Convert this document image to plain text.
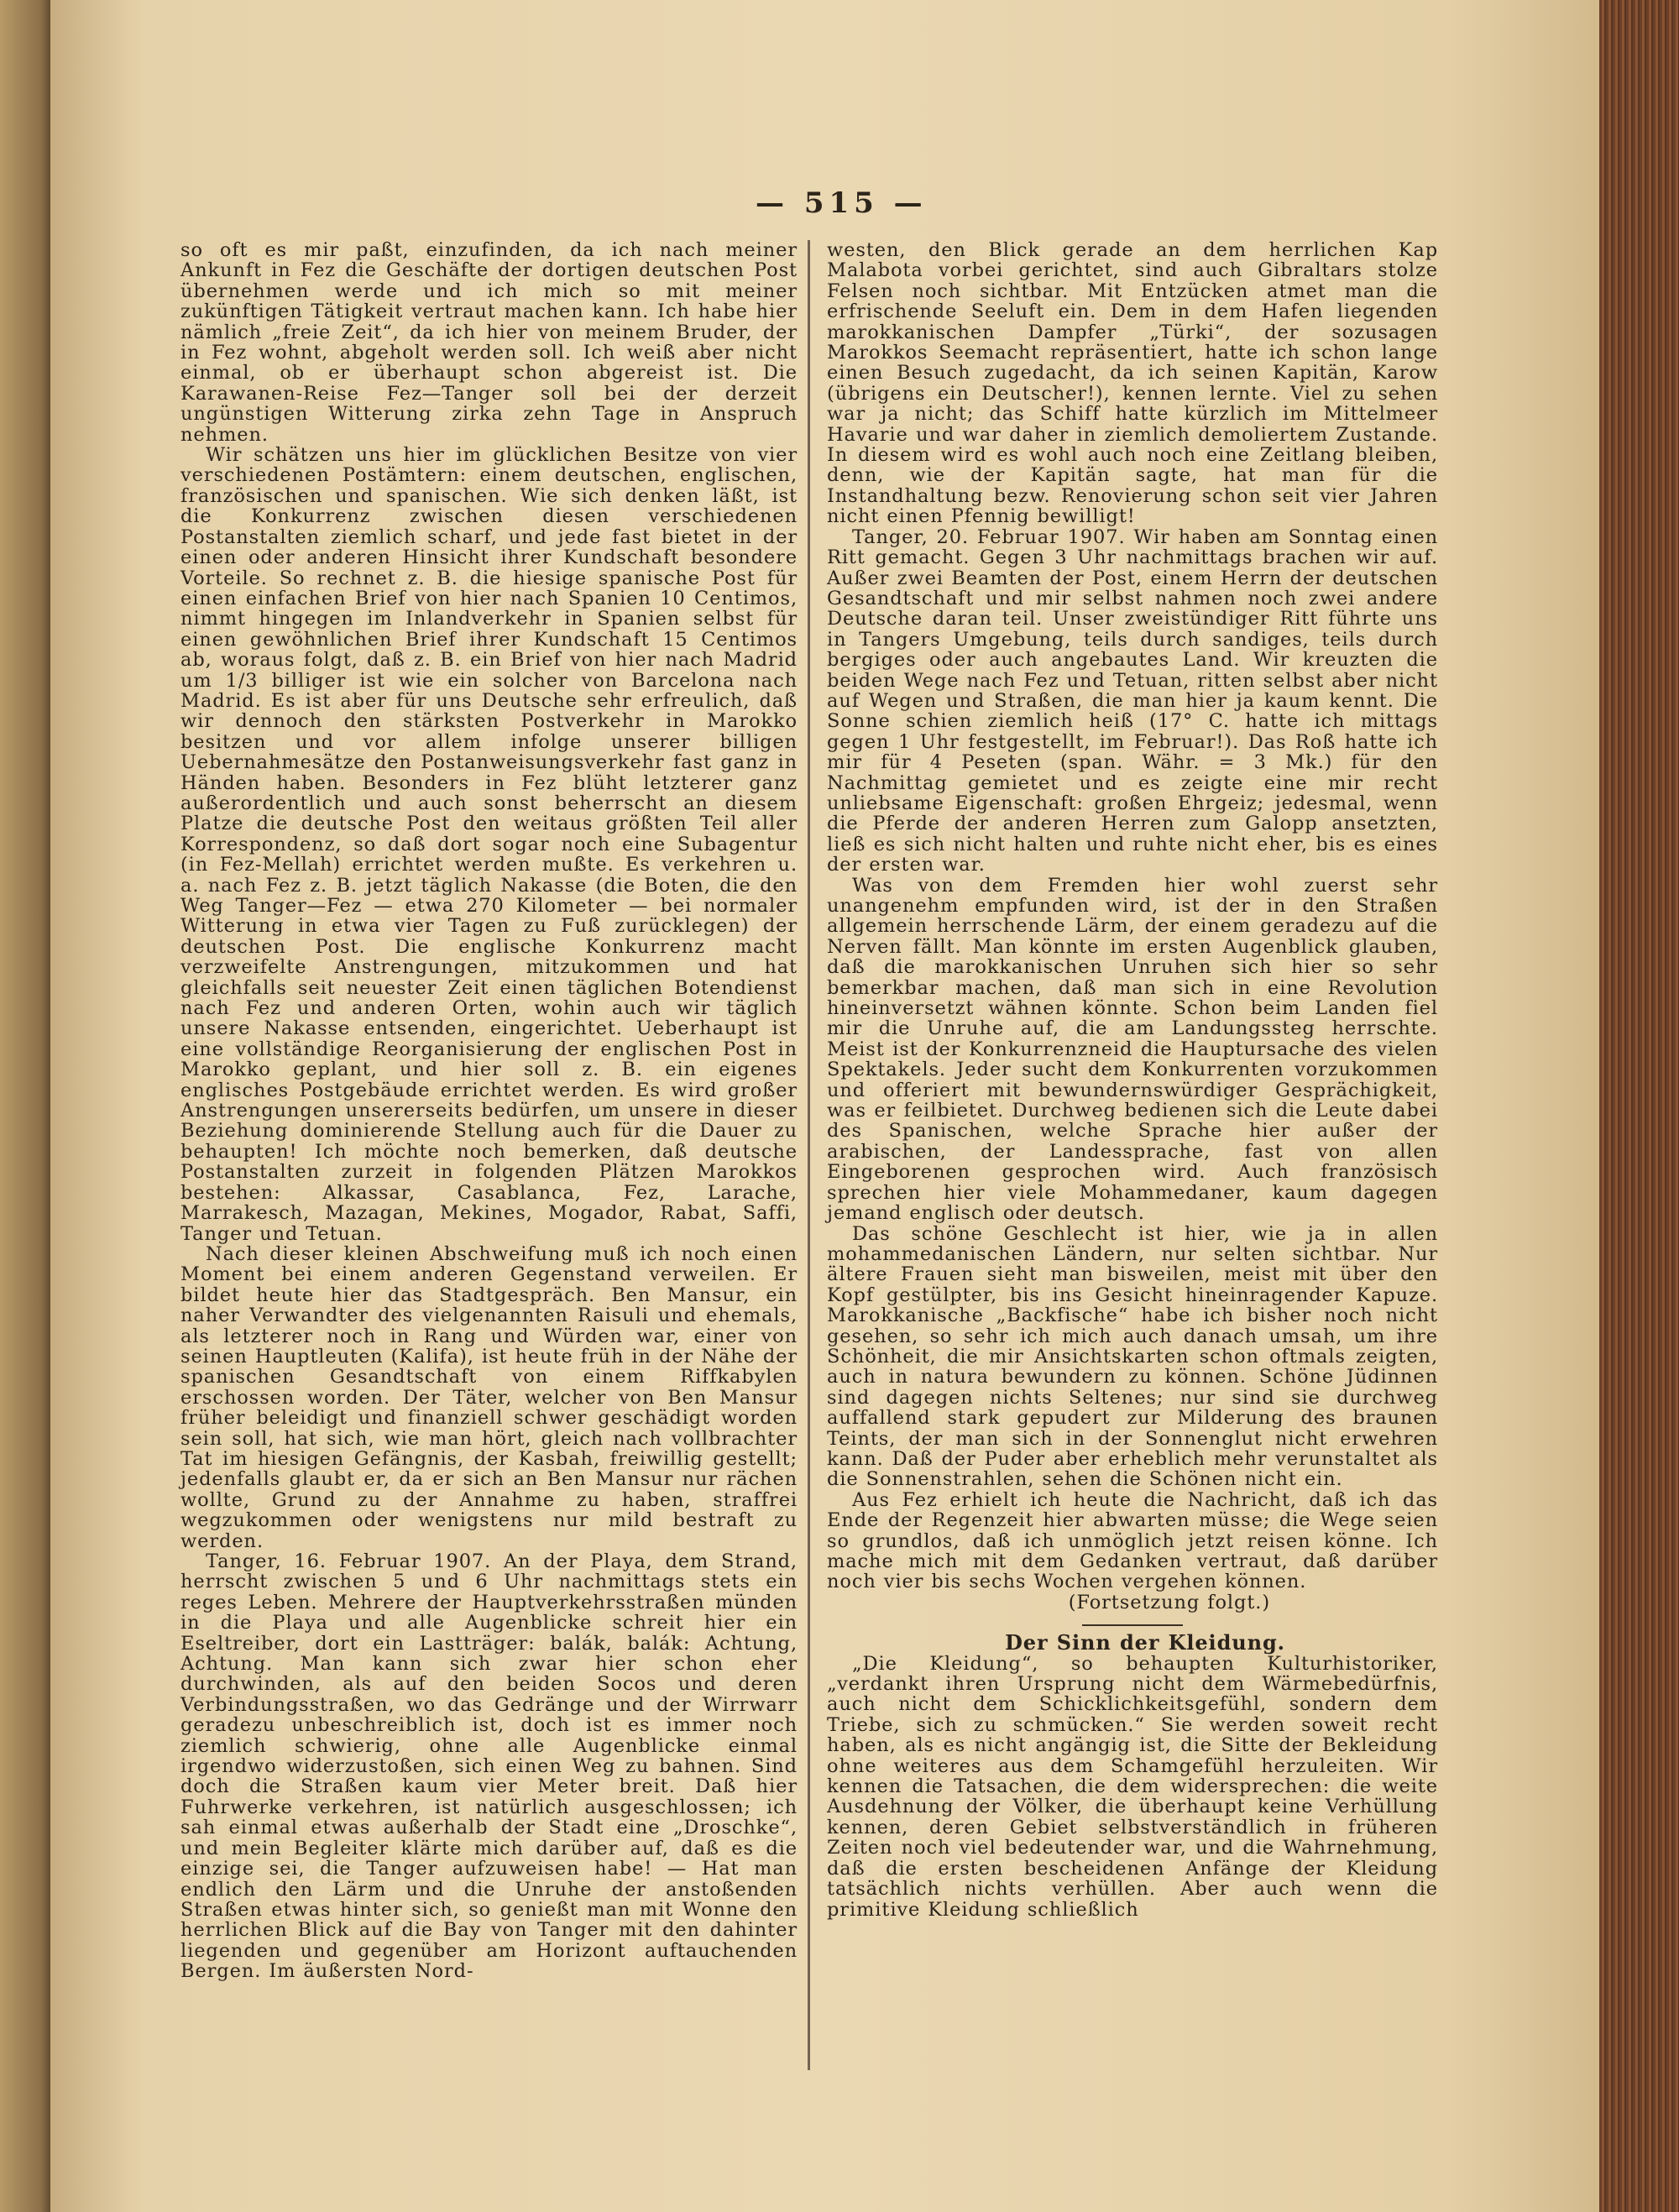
— 515 —

so oft es mir paßt, einzufinden, da ich nach meiner Ankunft in Fez die Geschäfte der dortigen deutschen Post übernehmen werde und ich mich so mit meiner zukünftigen Tätigkeit vertraut machen kann. Ich habe hier nämlich „freie Zeit“, da ich hier von meinem Bruder, der in Fez wohnt, abgeholt werden soll. Ich weiß aber nicht einmal, ob er überhaupt schon abgereist ist. Die Karawanen-Reise Fez—Tanger soll bei der derzeit ungünstigen Witterung zirka zehn Tage in Anspruch nehmen.

Wir schätzen uns hier im glücklichen Besitze von vier verschiedenen Postämtern: einem deutschen, englischen, französischen und spanischen. Wie sich denken läßt, ist die Konkurrenz zwischen diesen verschiedenen Postanstalten ziemlich scharf, und jede fast bietet in der einen oder anderen Hinsicht ihrer Kundschaft besondere Vorteile. So rechnet z. B. die hiesige spanische Post für einen einfachen Brief von hier nach Spanien 10 Centimos, nimmt hingegen im Inlandverkehr in Spanien selbst für einen gewöhnlichen Brief ihrer Kundschaft 15 Centimos ab, woraus folgt, daß z. B. ein Brief von hier nach Madrid um 1/3 billiger ist wie ein solcher von Barcelona nach Madrid. Es ist aber für uns Deutsche sehr erfreulich, daß wir dennoch den stärksten Postverkehr in Marokko besitzen und vor allem infolge unserer billigen Uebernahmesätze den Postanweisungsverkehr fast ganz in Händen haben. Besonders in Fez blüht letzterer ganz außerordentlich und auch sonst beherrscht an diesem Platze die deutsche Post den weitaus größten Teil aller Korrespondenz, so daß dort sogar noch eine Subagentur (in Fez-Mellah) errichtet werden mußte. Es verkehren u. a. nach Fez z. B. jetzt täglich Nakasse (die Boten, die den Weg Tanger—Fez — etwa 270 Kilometer — bei normaler Witterung in etwa vier Tagen zu Fuß zurücklegen) der deutschen Post. Die englische Konkurrenz macht verzweifelte Anstrengungen, mitzukommen und hat gleichfalls seit neuester Zeit einen täglichen Botendienst nach Fez und anderen Orten, wohin auch wir täglich unsere Nakasse entsenden, eingerichtet. Ueberhaupt ist eine vollständige Reorganisierung der englischen Post in Marokko geplant, und hier soll z. B. ein eigenes englisches Postgebäude errichtet werden. Es wird großer Anstrengungen unsererseits bedürfen, um unsere in dieser Beziehung dominierende Stellung auch für die Dauer zu behaupten! Ich möchte noch bemerken, daß deutsche Postanstalten zurzeit in folgenden Plätzen Marokkos bestehen: Alkassar, Casablanca, Fez, Larache, Marrakesch, Mazagan, Mekines, Mogador, Rabat, Saffi, Tanger und Tetuan.

Nach dieser kleinen Abschweifung muß ich noch einen Moment bei einem anderen Gegenstand verweilen. Er bildet heute hier das Stadtgespräch. Ben Mansur, ein naher Verwandter des vielgenannten Raisuli und ehemals, als letzterer noch in Rang und Würden war, einer von seinen Hauptleuten (Kalifa), ist heute früh in der Nähe der spanischen Gesandtschaft von einem Riffkabylen erschossen worden. Der Täter, welcher von Ben Mansur früher beleidigt und finanziell schwer geschädigt worden sein soll, hat sich, wie man hört, gleich nach vollbrachter Tat im hiesigen Gefängnis, der Kasbah, freiwillig gestellt; jedenfalls glaubt er, da er sich an Ben Mansur nur rächen wollte, Grund zu der Annahme zu haben, straffrei wegzukommen oder wenigstens nur mild bestraft zu werden.

Tanger, 16. Februar 1907. An der Playa, dem Strand, herrscht zwischen 5 und 6 Uhr nachmittags stets ein reges Leben. Mehrere der Hauptverkehrsstraßen münden in die Playa und alle Augenblicke schreit hier ein Eseltreiber, dort ein Lastträger: balák, balák: Achtung, Achtung. Man kann sich zwar hier schon eher durchwinden, als auf den beiden Socos und deren Verbindungsstraßen, wo das Gedränge und der Wirrwarr geradezu unbeschreiblich ist, doch ist es immer noch ziemlich schwierig, ohne alle Augenblicke einmal irgendwo widerzustoßen, sich einen Weg zu bahnen. Sind doch die Straßen kaum vier Meter breit. Daß hier Fuhrwerke verkehren, ist natürlich ausgeschlossen; ich sah einmal etwas außerhalb der Stadt eine „Droschke“, und mein Begleiter klärte mich darüber auf, daß es die einzige sei, die Tanger aufzuweisen habe! — Hat man endlich den Lärm und die Unruhe der anstoßenden Straßen etwas hinter sich, so genießt man mit Wonne den herrlichen Blick auf die Bay von Tanger mit den dahinter liegenden und gegenüber am Horizont auftauchenden Bergen. Im äußersten Nord-

westen, den Blick gerade an dem herrlichen Kap Malabota vorbei gerichtet, sind auch Gibraltars stolze Felsen noch sichtbar. Mit Entzücken atmet man die erfrischende Seeluft ein. Dem in dem Hafen liegenden marokkanischen Dampfer „Türki“, der sozusagen Marokkos Seemacht repräsentiert, hatte ich schon lange einen Besuch zugedacht, da ich seinen Kapitän, Karow (übrigens ein Deutscher!), kennen lernte. Viel zu sehen war ja nicht; das Schiff hatte kürzlich im Mittelmeer Havarie und war daher in ziemlich demoliertem Zustande. In diesem wird es wohl auch noch eine Zeitlang bleiben, denn, wie der Kapitän sagte, hat man für die Instandhaltung bezw. Renovierung schon seit vier Jahren nicht einen Pfennig bewilligt!

Tanger, 20. Februar 1907. Wir haben am Sonntag einen Ritt gemacht. Gegen 3 Uhr nachmittags brachen wir auf. Außer zwei Beamten der Post, einem Herrn der deutschen Gesandtschaft und mir selbst nahmen noch zwei andere Deutsche daran teil. Unser zweistündiger Ritt führte uns in Tangers Umgebung, teils durch sandiges, teils durch bergiges oder auch angebautes Land. Wir kreuzten die beiden Wege nach Fez und Tetuan, ritten selbst aber nicht auf Wegen und Straßen, die man hier ja kaum kennt. Die Sonne schien ziemlich heiß (17° C. hatte ich mittags gegen 1 Uhr festgestellt, im Februar!). Das Roß hatte ich mir für 4 Peseten (span. Währ. = 3 Mk.) für den Nachmittag gemietet und es zeigte eine mir recht unliebsame Eigenschaft: großen Ehrgeiz; jedesmal, wenn die Pferde der anderen Herren zum Galopp ansetzten, ließ es sich nicht halten und ruhte nicht eher, bis es eines der ersten war.

Was von dem Fremden hier wohl zuerst sehr unangenehm empfunden wird, ist der in den Straßen allgemein herrschende Lärm, der einem geradezu auf die Nerven fällt. Man könnte im ersten Augenblick glauben, daß die marokkanischen Unruhen sich hier so sehr bemerkbar machen, daß man sich in eine Revolution hineinversetzt wähnen könnte. Schon beim Landen fiel mir die Unruhe auf, die am Landungssteg herrschte. Meist ist der Konkurrenzneid die Hauptursache des vielen Spektakels. Jeder sucht dem Konkurrenten vorzukommen und offeriert mit bewundernswürdiger Gesprächigkeit, was er feilbietet. Durchweg bedienen sich die Leute dabei des Spanischen, welche Sprache hier außer der arabischen, der Landessprache, fast von allen Eingeborenen gesprochen wird. Auch französisch sprechen hier viele Mohammedaner, kaum dagegen jemand englisch oder deutsch.

Das schöne Geschlecht ist hier, wie ja in allen mohammedanischen Ländern, nur selten sichtbar. Nur ältere Frauen sieht man bisweilen, meist mit über den Kopf gestülpter, bis ins Gesicht hineinragender Kapuze. Marokkanische „Backfische“ habe ich bisher noch nicht gesehen, so sehr ich mich auch danach umsah, um ihre Schönheit, die mir Ansichtskarten schon oftmals zeigten, auch in natura bewundern zu können. Schöne Jüdinnen sind dagegen nichts Seltenes; nur sind sie durchweg auffallend stark gepudert zur Milderung des braunen Teints, der man sich in der Sonnenglut nicht erwehren kann. Daß der Puder aber erheblich mehr verunstaltet als die Sonnenstrahlen, sehen die Schönen nicht ein.

Aus Fez erhielt ich heute die Nachricht, daß ich das Ende der Regenzeit hier abwarten müsse; die Wege seien so grundlos, daß ich unmöglich jetzt reisen könne. Ich mache mich mit dem Gedanken vertraut, daß darüber noch vier bis sechs Wochen vergehen können.

(Fortsetzung folgt.)

Der Sinn der Kleidung.

„Die Kleidung“, so behaupten Kulturhistoriker, „verdankt ihren Ursprung nicht dem Wärmebedürfnis, auch nicht dem Schicklichkeitsgefühl, sondern dem Triebe, sich zu schmücken.“ Sie werden soweit recht haben, als es nicht angängig ist, die Sitte der Bekleidung ohne weiteres aus dem Schamgefühl herzuleiten. Wir kennen die Tatsachen, die dem widersprechen: die weite Ausdehnung der Völker, die überhaupt keine Verhüllung kennen, deren Gebiet selbstverständlich in früheren Zeiten noch viel bedeutender war, und die Wahrnehmung, daß die ersten bescheidenen Anfänge der Kleidung tatsächlich nichts verhüllen. Aber auch wenn die primitive Kleidung schließlich
